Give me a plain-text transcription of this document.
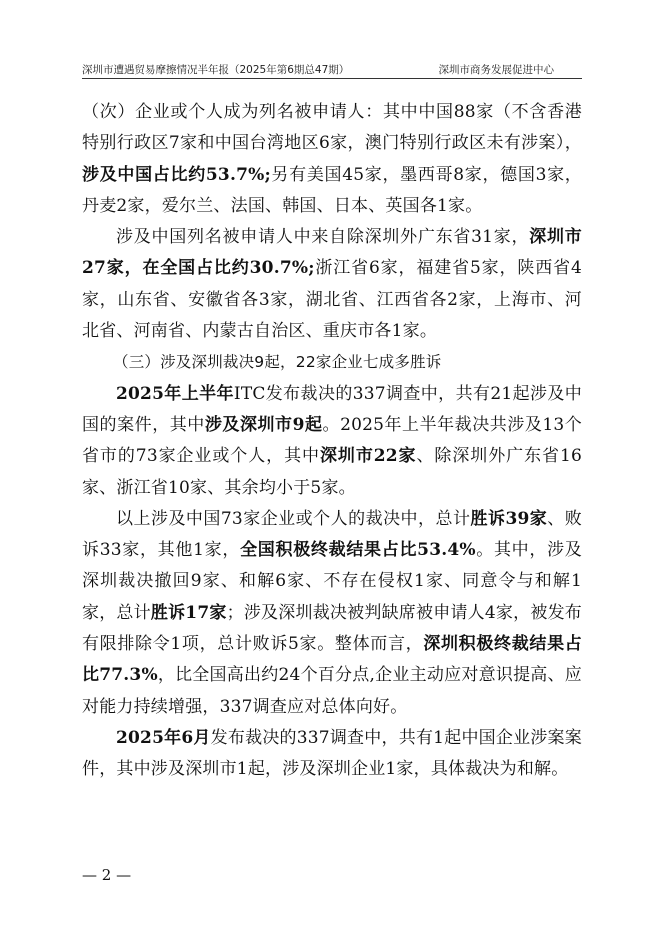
深圳市遭遇贸易摩擦情况半年报（2025年第6期总47期）	深圳市商务发展促进中心

（次）企业或个人成为列名被申请人：其中中国88家（不含香港特别行政区7家和中国台湾地区6家，澳门特别行政区未有涉案），涉及中国占比约53.7%;另有美国45家，墨西哥8家，德国3家，丹麦2家，爱尔兰、法国、韩国、日本、英国各1家。

涉及中国列名被申请人中来自除深圳外广东省31家，深圳市27家，在全国占比约30.7%;浙江省6家，福建省5家，陕西省4家，山东省、安徽省各3家，湖北省、江西省各2家，上海市、河北省、河南省、内蒙古自治区、重庆市各1家。

（三）涉及深圳裁决9起，22家企业七成多胜诉

2025年上半年ITC发布裁决的337调查中，共有21起涉及中国的案件，其中涉及深圳市9起。2025年上半年裁决共涉及13个省市的73家企业或个人，其中深圳市22家、除深圳外广东省16家、浙江省10家、其余均小于5家。

以上涉及中国73家企业或个人的裁决中，总计胜诉39家、败诉33家，其他1家，全国积极终裁结果占比53.4%。其中，涉及深圳裁决撤回9家、和解6家、不存在侵权1家、同意令与和解1家，总计胜诉17家；涉及深圳裁决被判缺席被申请人4家，被发布有限排除令1项，总计败诉5家。整体而言，深圳积极终裁结果占比77.3%，比全国高出约24个百分点,企业主动应对意识提高、应对能力持续增强，337调查应对总体向好。

2025年6月发布裁决的337调查中，共有1起中国企业涉案案件，其中涉及深圳市1起，涉及深圳企业1家，具体裁决为和解。

— 2 —
